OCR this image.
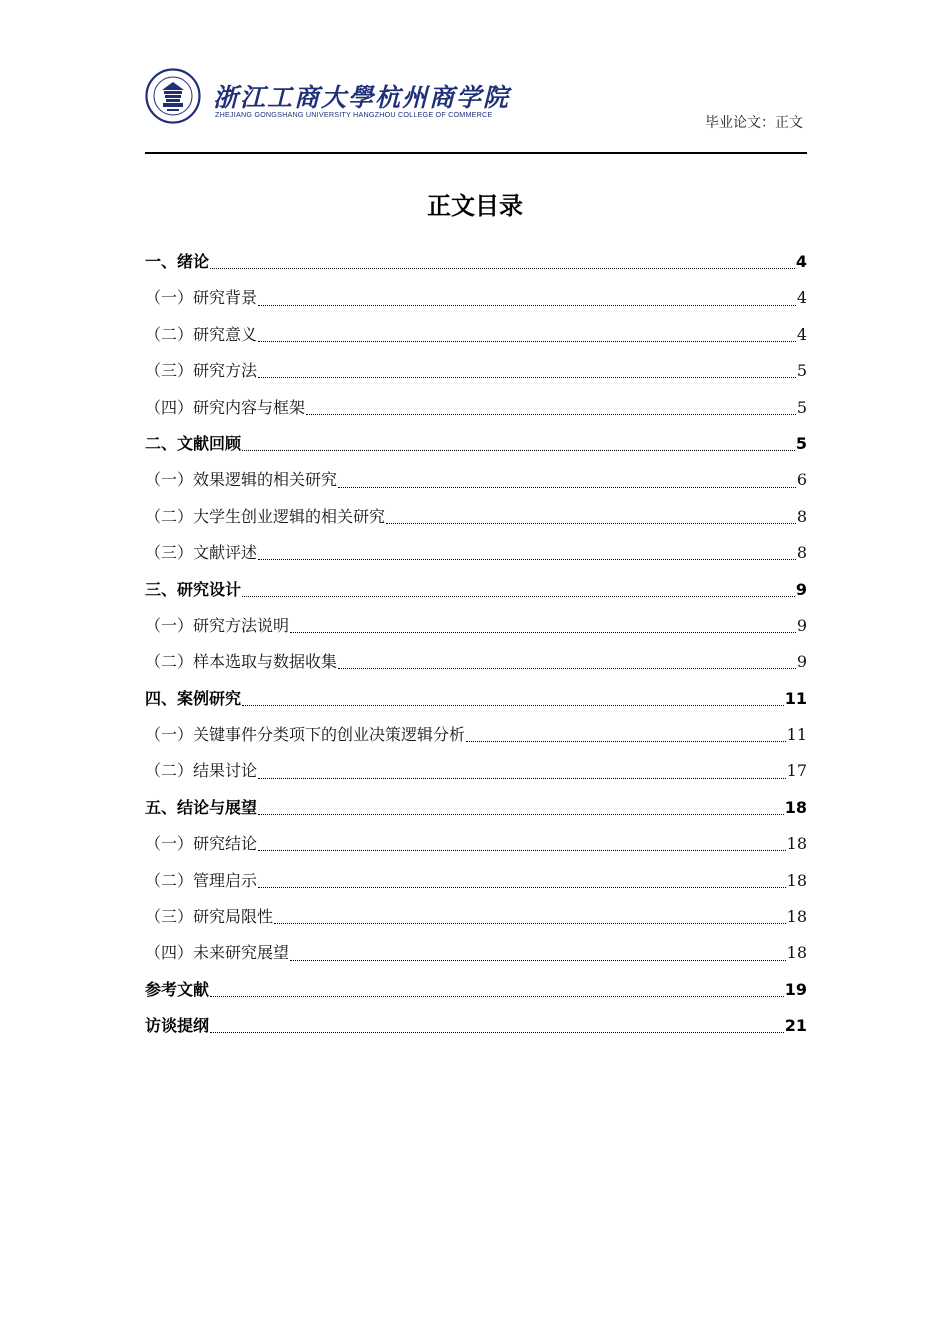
浙江工商大學杭州商学院
ZHEJIANG GONGSHANG UNIVERSITY HANGZHOU COLLEGE OF COMMERCE
毕业论文：正文
正文目录
一、绪论	4
（一）研究背景	4
（二）研究意义	4
（三）研究方法	5
（四）研究内容与框架	5
二、文献回顾	5
（一）效果逻辑的相关研究	6
（二）大学生创业逻辑的相关研究	8
（三）文献评述	8
三、研究设计	9
（一）研究方法说明	9
（二）样本选取与数据收集	9
四、案例研究	11
（一）关键事件分类项下的创业决策逻辑分析	11
（二）结果讨论	17
五、结论与展望	18
（一）研究结论	18
（二）管理启示	18
（三）研究局限性	18
（四）未来研究展望	18
参考文献	19
访谈提纲	21
